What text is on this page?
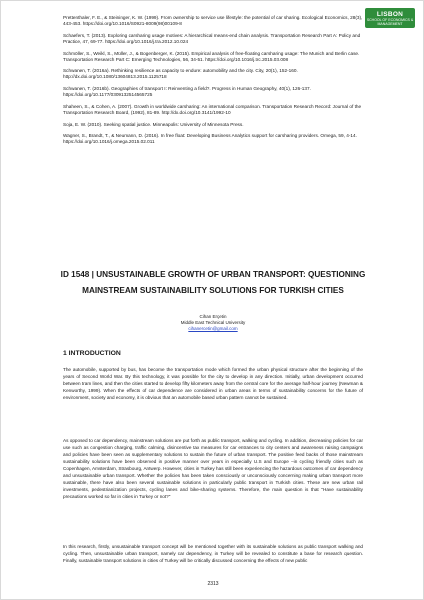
LISBON
SCHOOL OF ECONOMICS & MANAGEMENT

Prettenthaler, F. E., & Steininger, K. W. (1999). From ownership to service use lifestyle: the potential of car sharing. Ecological Economics, 28(3), 443-453. https://doi.org/10.1016/S0921-8009(98)00109-8

Schaefers, T. (2013). Exploring carsharing usage motives: A hierarchical means-end chain analysis. Transportation Research Part A: Policy and Practice, 47, 69-77. https://doi.org/10.1016/j.tra.2012.10.024

Schmöller, S., Weikl, S., Müller, J., & Bogenberger, K. (2015). Empirical analysis of free-floating carsharing usage: The Munich and Berlin case. Transportation Research Part C: Emerging Technologies, 56, 34-51. https://doi.org/10.1016/j.trc.2015.03.008

Schwanen, T. (2016a). Rethinking resilience as capacity to endure: automobility and the city. City, 20(1), 152-160. http://dx.doi.org/10.1080/13604813.2015.1125718

Schwanen, T. (2016b). Geographies of transport I: Reinventing a field?. Progress in Human Geography, 40(1), 126-137. https://doi.org/10.1177/0309132514565725

Shaheen, S., & Cohen, A. (2007). Growth in worldwide carsharing: An international comparison. Transportation Research Record: Journal of the Transportation Research Board, (1992), 81-89. http://dx.doi.org/10.3141/1992-10

Soja, E. W. (2010). Seeking spatial justice. Minneapolis: University of Minnesota Press.

Wagner, S., Brandt, T., & Neumann, D. (2016). In free float: Developing Business Analytics support for carsharing providers. Omega, 59, 4-14. https://doi.org/10.1016/j.omega.2015.02.011

ID 1548 | UNSUSTAINABLE GROWTH OF URBAN TRANSPORT: QUESTIONING MAINSTREAM SUSTAINABILITY SOLUTIONS FOR TURKISH CITIES
Cihan Erçetin
Middle East Technical University
cihanercetin@gmail.com
1 INTRODUCTION

The automobile, supported by bus, has become the transportation mode which formed the urban physical structure after the beginning of the years of Second World War. By this technology, it was possible for the city to develop in any direction. Initially, urban development occurred between tram lines, and then the cities started to develop fifty kilometers away from the central core for the average half-hour journey (Newman & Kenworthy, 1999). When the effects of car dependence are considered in urban areas in terms of sustainability concerns for the future of environment, society and economy, it is obvious that an automobile based urban pattern cannot be sustained.

As opposed to car dependency, mainstream solutions are put forth as public transport, walking and cycling. In addition, decreasing policies for car use such as congestion charging, traffic calming, disincentive tax measures for car entrances to city centers and awareness raising campaigns and policies have been seen as supplementary solutions to sustain the future of urban transport. The positive feed backs of those mainstream sustainability solutions have been observed in positive manner over years in especially U.S and Europe –in cycling friendly cities such as Copenhagen, Amsterdam, Strasbourg, Antwerp. However, cities in Turkey has still been experiencing the hazardous outcomes of car dependency and unsustainable urban transport. Whether the policies has been taken consciously or unconsciously concerning making urban transport more sustainable, there have also been several sustainable solutions in particularly public transport in Turkish cities. These are new urban rail investments, pedestrianization projects, cycling lanes and bike-sharing systems. Therefore, the main question is that "Have sustainability precautions worked so far in cities in Turkey or not?"

In this research, firstly, unsustainable transport concept will be mentioned together with its sustainable solutions as public transport walking and cycling. Then, unsustainable urban transport, namely car dependency, in Turkey will be revealed to constitute a base for research question. Finally, sustainable transport solutions in cities of Turkey will be critically discussed concerning the effects of new public

2313
